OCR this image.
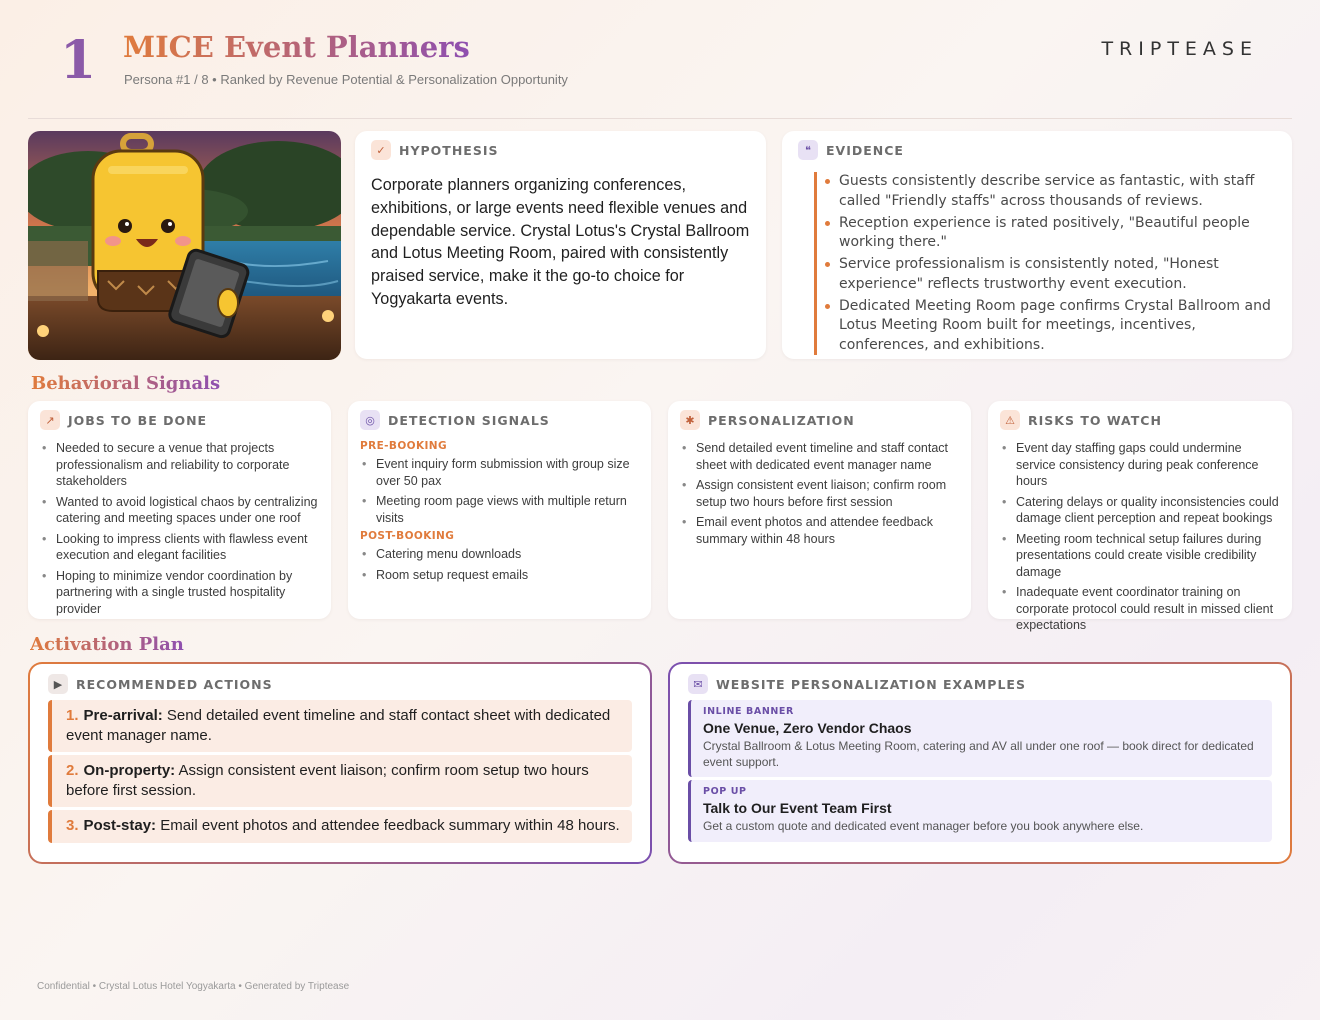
1 MICE Event Planners
Persona #1 / 8 • Ranked by Revenue Potential & Personalization Opportunity
TRIPTEASE
✓	HYPOTHESIS
Corporate planners organizing conferences, exhibitions, or large events need flexible venues and dependable service. Crystal Lotus's Crystal Ballroom and Lotus Meeting Room, paired with consistently praised service, make it the go-to choice for Yogyakarta events.
❝	EVIDENCE
Guests consistently describe service as fantastic, with staff called "Friendly staffs" across thousands of reviews.
Reception experience is rated positively, "Beautiful people working there."
Service professionalism is consistently noted, "Honest experience" reflects trustworthy event execution.
Dedicated Meeting Room page confirms Crystal Ballroom and Lotus Meeting Room built for meetings, incentives, conferences, and exhibitions.
Behavioral Signals
↗	JOBS TO BE DONE
• Needed to secure a venue that projects professionalism and reliability to corporate stakeholders
• Wanted to avoid logistical chaos by centralizing catering and meeting spaces under one roof
• Looking to impress clients with flawless event execution and elegant facilities
• Hoping to minimize vendor coordination by partnering with a single trusted hospitality provider
◎	DETECTION SIGNALS
PRE-BOOKING
• Event inquiry form submission with group size over 50 pax
• Meeting room page views with multiple return visits
POST-BOOKING
• Catering menu downloads
• Room setup request emails
✱	PERSONALIZATION
• Send detailed event timeline and staff contact sheet with dedicated event manager name
• Assign consistent event liaison; confirm room setup two hours before first session
• Email event photos and attendee feedback summary within 48 hours
⚠	RISKS TO WATCH
• Event day staffing gaps could undermine service consistency during peak conference hours
• Catering delays or quality inconsistencies could damage client perception and repeat bookings
• Meeting room technical setup failures during presentations could create visible credibility damage
• Inadequate event coordinator training on corporate protocol could result in missed client expectations
Activation Plan
▶	RECOMMENDED ACTIONS
1. Pre-arrival: Send detailed event timeline and staff contact sheet with dedicated event manager name.
2. On-property: Assign consistent event liaison; confirm room setup two hours before first session.
3. Post-stay: Email event photos and attendee feedback summary within 48 hours.
✉	WEBSITE PERSONALIZATION EXAMPLES
INLINE BANNER
One Venue, Zero Vendor Chaos
Crystal Ballroom & Lotus Meeting Room, catering and AV all under one roof — book direct for dedicated event support.
POP UP
Talk to Our Event Team First
Get a custom quote and dedicated event manager before you book anywhere else.
Confidential • Crystal Lotus Hotel Yogyakarta • Generated by Triptease
